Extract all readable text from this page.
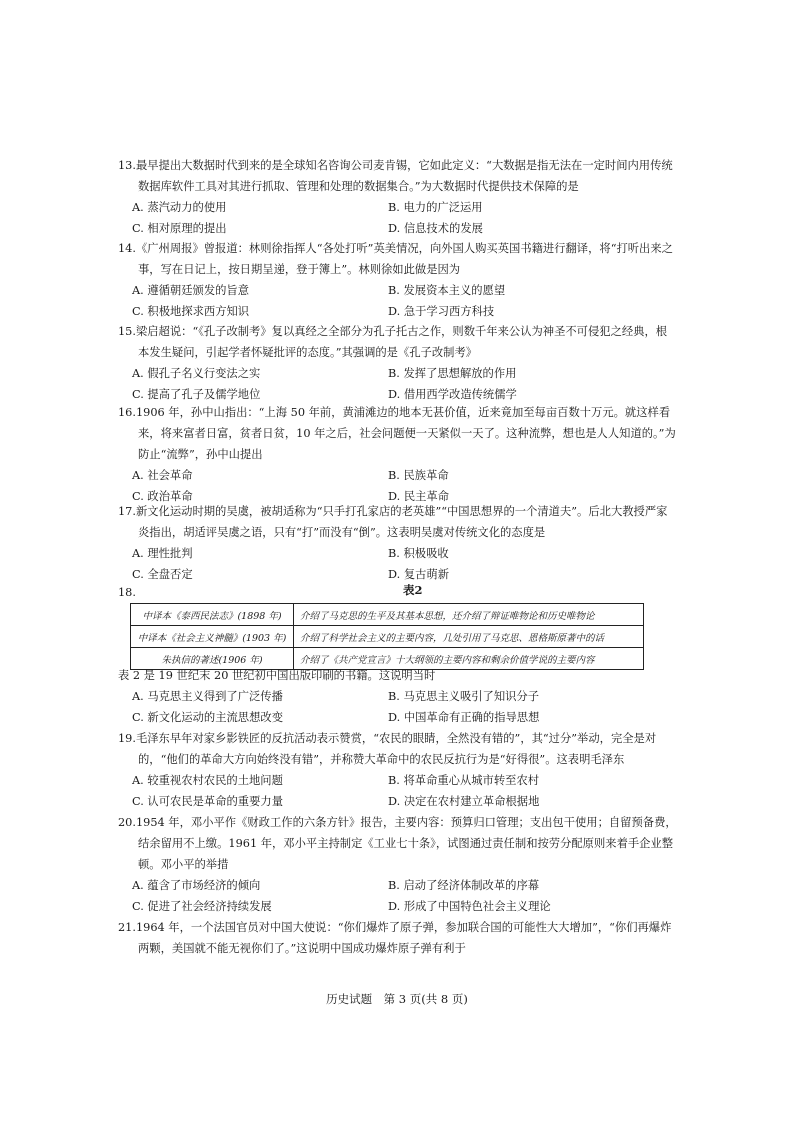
13.最早提出大数据时代到来的是全球知名咨询公司麦肯锡，它如此定义：“大数据是指无法在一定时间内用传统数据库软件工具对其进行抓取、管理和处理的数据集合。”为大数据时代提供技术保障的是

A. 蒸汽动力的使用	B. 电力的广泛运用
C. 相对原理的提出	D. 信息技术的发展

14.《广州周报》曾报道：林则徐指挥人“各处打听”英美情况，向外国人购买英国书籍进行翻译，将“打听出来之事，写在日记上，按日期呈递，登于簿上”。林则徐如此做是因为

A. 遵循朝廷颁发的旨意	B. 发展资本主义的愿望
C. 积极地探求西方知识	D. 急于学习西方科技

15.梁启超说：“《孔子改制考》复以真经之全部分为孔子托古之作，则数千年来公认为神圣不可侵犯之经典，根本发生疑问，引起学者怀疑批评的态度。”其强调的是《孔子改制考》

A. 假孔子名义行变法之实	B. 发挥了思想解放的作用
C. 提高了孔子及儒学地位	D. 借用西学改造传统儒学

16.1906 年，孙中山指出：“上海 50 年前，黄浦滩边的地本无甚价值，近来竟加至每亩百数十万元。就这样看来，将来富者日富，贫者日贫，10 年之后，社会问题便一天紧似一天了。这种流弊，想也是人人知道的。”为防止“流弊”，孙中山提出

A. 社会革命	B. 民族革命
C. 政治革命	D. 民主革命

17.新文化运动时期的吴虞，被胡适称为“只手打孔家店的老英雄”“中国思想界的一个清道夫”。后北大教授严家炎指出，胡适评吴虞之语，只有“打”而没有“倒”。这表明吴虞对传统文化的态度是

A. 理性批判	B. 积极吸收
C. 全盘否定	D. 复古萌新
18.	表2
中译本《泰西民法志》(1898 年)	介绍了马克思的生平及其基本思想，还介绍了辩证唯物论和历史唯物论
中译本《社会主义神髓》(1903 年)	介绍了科学社会主义的主要内容，几处引用了马克思、恩格斯原著中的话
朱执信的著述(1906 年)	介绍了《共产党宣言》十大纲领的主要内容和剩余价值学说的主要内容

表 2 是 19 世纪末 20 世纪初中国出版印刷的书籍。这说明当时

A. 马克思主义得到了广泛传播	B. 马克思主义吸引了知识分子
C. 新文化运动的主流思想改变	D. 中国革命有正确的指导思想

19.毛泽东早年对家乡影铁匠的反抗活动表示赞赏，“农民的眼睛，全然没有错的”，其“过分”举动，完全是对的，“他们的革命大方向始终没有错”，并称赞大革命中的农民反抗行为是“好得很”。这表明毛泽东

A. 较重视农村农民的土地问题	B. 将革命重心从城市转至农村
C. 认可农民是革命的重要力量	D. 决定在农村建立革命根据地

20.1954 年，邓小平作《财政工作的六条方针》报告，主要内容：预算归口管理；支出包干使用；自留预备费，结余留用不上缴。1961 年，邓小平主持制定《工业七十条》，试图通过责任制和按劳分配原则来着手企业整顿。邓小平的举措

A. 蕴含了市场经济的倾向	B. 启动了经济体制改革的序幕
C. 促进了社会经济持续发展	D. 形成了中国特色社会主义理论

21.1964 年，一个法国官员对中国大使说：“你们爆炸了原子弹，参加联合国的可能性大大增加”，“你们再爆炸两颗，美国就不能无视你们了。”这说明中国成功爆炸原子弹有利于

历史试题　第 3 页(共 8 页)
